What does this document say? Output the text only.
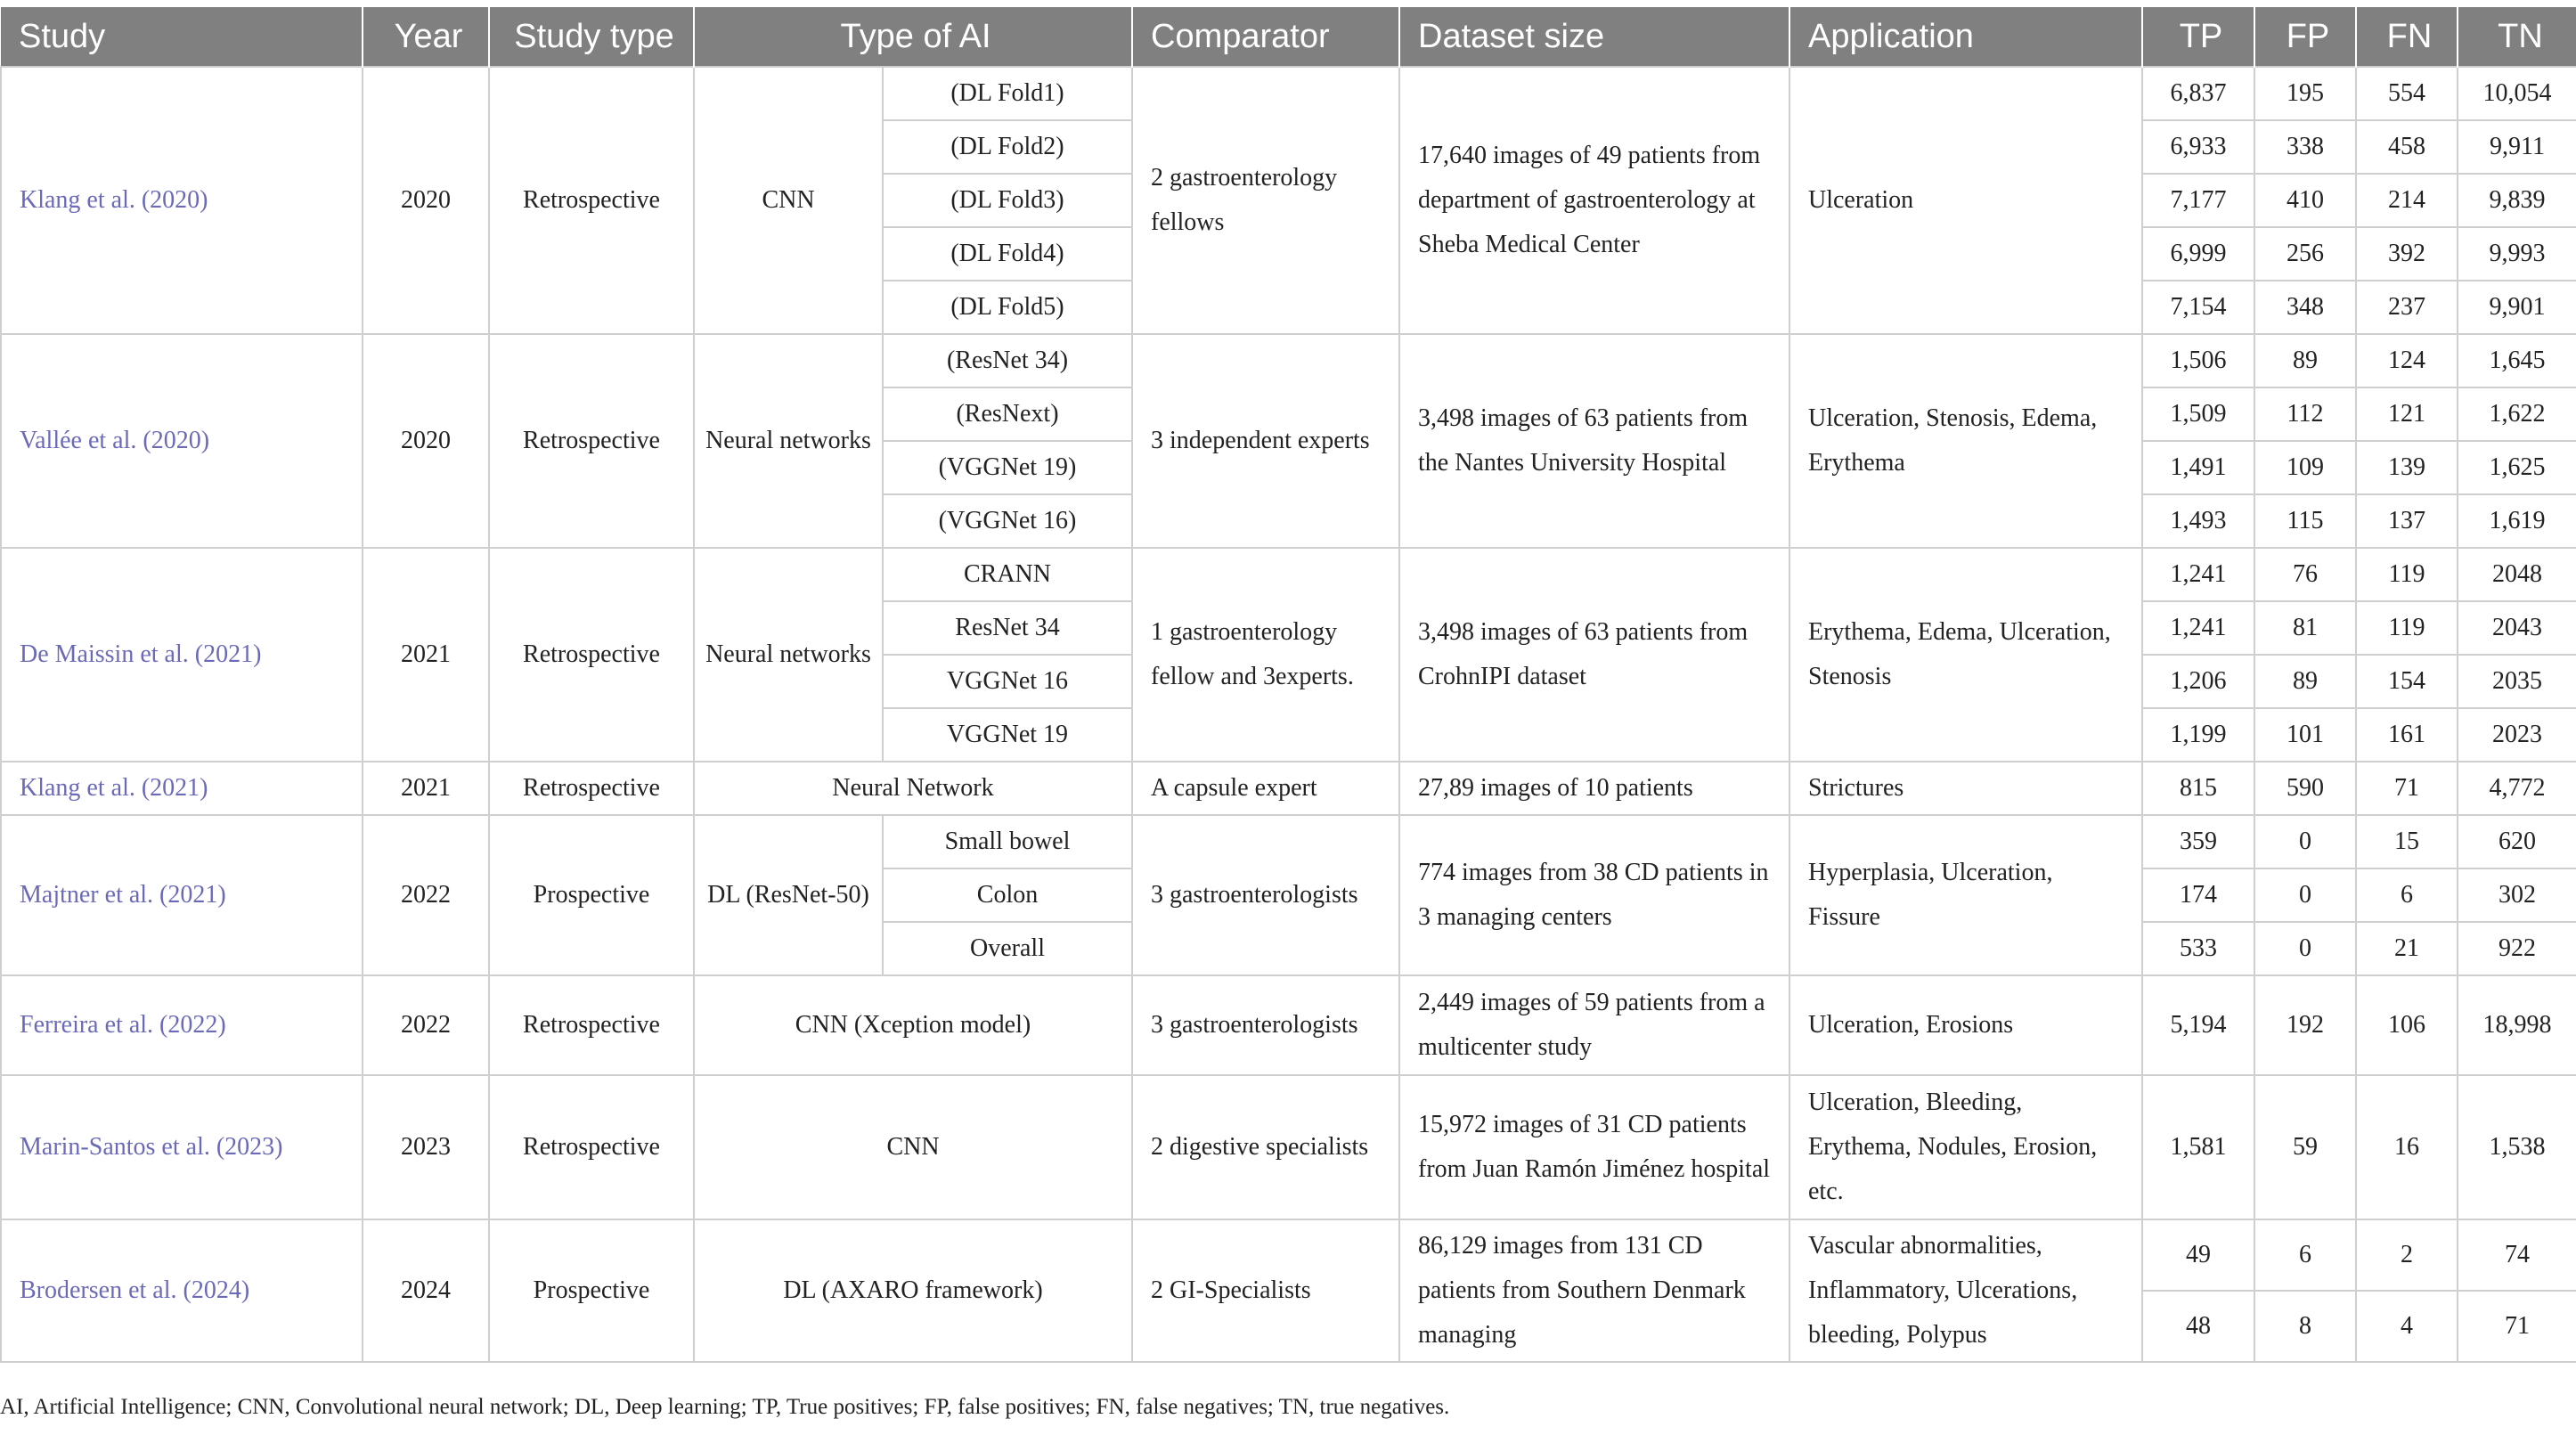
Study	Year	Study type	Type of AI		Comparator	Dataset size	Application	TP	FP	FN	TN
Klang et al. (2020)	2020	Retrospective	CNN	(DL Fold1)	2 gastroenterology fellows	17,640 images of 49 patients from department of gastroenterology at Sheba Medical Center	Ulceration	6,837	195	554	10,054
				(DL Fold2)				6,933	338	458	9,911
				(DL Fold3)				7,177	410	214	9,839
				(DL Fold4)				6,999	256	392	9,993
				(DL Fold5)				7,154	348	237	9,901
Vallée et al. (2020)	2020	Retrospective	Neural networks	(ResNet 34)	3 independent experts	3,498 images of 63 patients from the Nantes University Hospital	Ulceration, Stenosis, Edema, Erythema	1,506	89	124	1,645
				(ResNext)				1,509	112	121	1,622
				(VGGNet 19)				1,491	109	139	1,625
				(VGGNet 16)				1,493	115	137	1,619
De Maissin et al. (2021)	2021	Retrospective	Neural networks	CRANN	1 gastroenterology fellow and 3experts.	3,498 images of 63 patients from CrohnIPI dataset	Erythema, Edema, Ulceration, Stenosis	1,241	76	119	2048
				ResNet 34				1,241	81	119	2043
				VGGNet 16				1,206	89	154	2035
				VGGNet 19				1,199	101	161	2023
Klang et al. (2021)	2021	Retrospective	Neural Network		A capsule expert	27,89 images of 10 patients	Strictures	815	590	71	4,772
Majtner et al. (2021)	2022	Prospective	DL (ResNet-50)	Small bowel	3 gastroenterologists	774 images from 38 CD patients in 3 managing centers	Hyperplasia, Ulceration, Fissure	359	0	15	620
				Colon				174	0	6	302
				Overall				533	0	21	922
Ferreira et al. (2022)	2022	Retrospective	CNN (Xception model)		3 gastroenterologists	2,449 images of 59 patients from a multicenter study	Ulceration, Erosions	5,194	192	106	18,998
Marin-Santos et al. (2023)	2023	Retrospective	CNN		2 digestive specialists	15,972 images of 31 CD patients from Juan Ramón Jiménez hospital	Ulceration, Bleeding, Erythema, Nodules, Erosion, etc.	1,581	59	16	1,538
Brodersen et al. (2024)	2024	Prospective	DL (AXARO framework)		2 GI-Specialists	86,129 images from 131 CD patients from Southern Denmark managing	Vascular abnormalities, Inflammatory, Ulcerations, bleeding, Polypus	49	6	2	74
								48	8	4	71
AI, Artificial Intelligence; CNN, Convolutional neural network; DL, Deep learning; TP, True positives; FP, false positives; FN, false negatives; TN, true negatives.
